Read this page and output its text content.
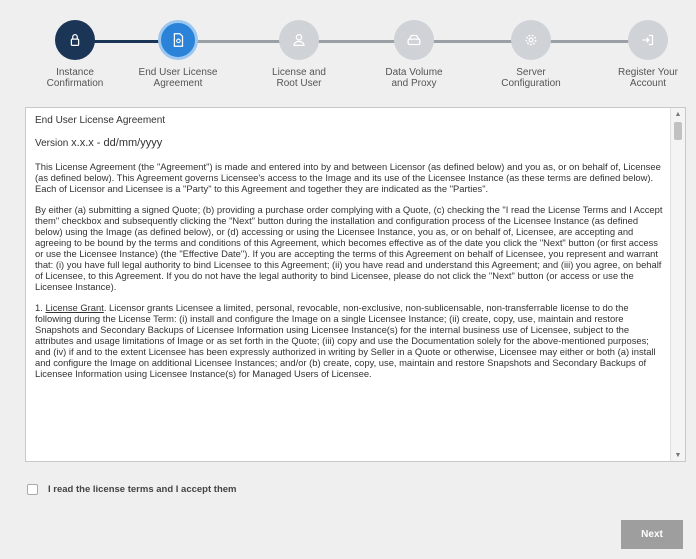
Instance
Confirmation
End User License
Agreement
License and
Root User
Data Volume
and Proxy
Server
Configuration
Register Your
Account
End User License Agreement
Version x.x.x - dd/mm/yyyy

This License Agreement (the "Agreement") is made and entered into by and between Licensor (as defined below) and you as, or on behalf of, Licensee (as defined below). This Agreement governs Licensee's access to the Image and its use of the Licensee Instance (as these terms are defined below). Each of Licensor and Licensee is a "Party" to this Agreement and together they are indicated as the "Parties".

By either (a) submitting a signed Quote; (b) providing a purchase order complying with a Quote, (c) checking the "I read the License Terms and I Accept them" checkbox and subsequently clicking the "Next" button during the installation and configuration process of the Licensee Instance (as defined below) using the Image (as defined below), or (d) accessing or using the Licensee Instance, you as, or on behalf of, Licensee, are accepting and agreeing to be bound by the terms and conditions of this Agreement, which becomes effective as of the date you click the "Next" button (or first access or use the Licensee Instance) (the "Effective Date"). If you are accepting the terms of this Agreement on behalf of Licensee, you represent and warrant that: (i) you have full legal authority to bind Licensee to this Agreement; (ii) you have read and understand this Agreement; and (iii) you agree, on behalf of Licensee, to this Agreement. If you do not have the legal authority to bind Licensee, please do not click the "Next" button (or access or use the Licensee Instance).

1. License Grant. Licensor grants Licensee a limited, personal, revocable, non-exclusive, non-sublicensable, non-transferrable license to do the following during the License Term: (i) install and configure the Image on a single Licensee Instance; (ii) create, copy, use, maintain and restore Snapshots and Secondary Backups of Licensee Information using Licensee Instance(s) for the internal business use of Licensee, subject to the attributes and usage limitations of Image or as set forth in the Quote; (iii) copy and use the Documentation solely for the above-mentioned purposes; and (iv) if and to the extent Licensee has been expressly authorized in writing by Seller in a Quote or otherwise, Licensee may either or both (a) install and configure the Image on additional Licensee Instances; and/or (b) create, copy, use, maintain and restore Snapshots and Secondary Backups of Licensee Information using Licensee Instance(s) for Managed Users of Licensee.

▲
▼
I read the license terms and I accept them
Next
